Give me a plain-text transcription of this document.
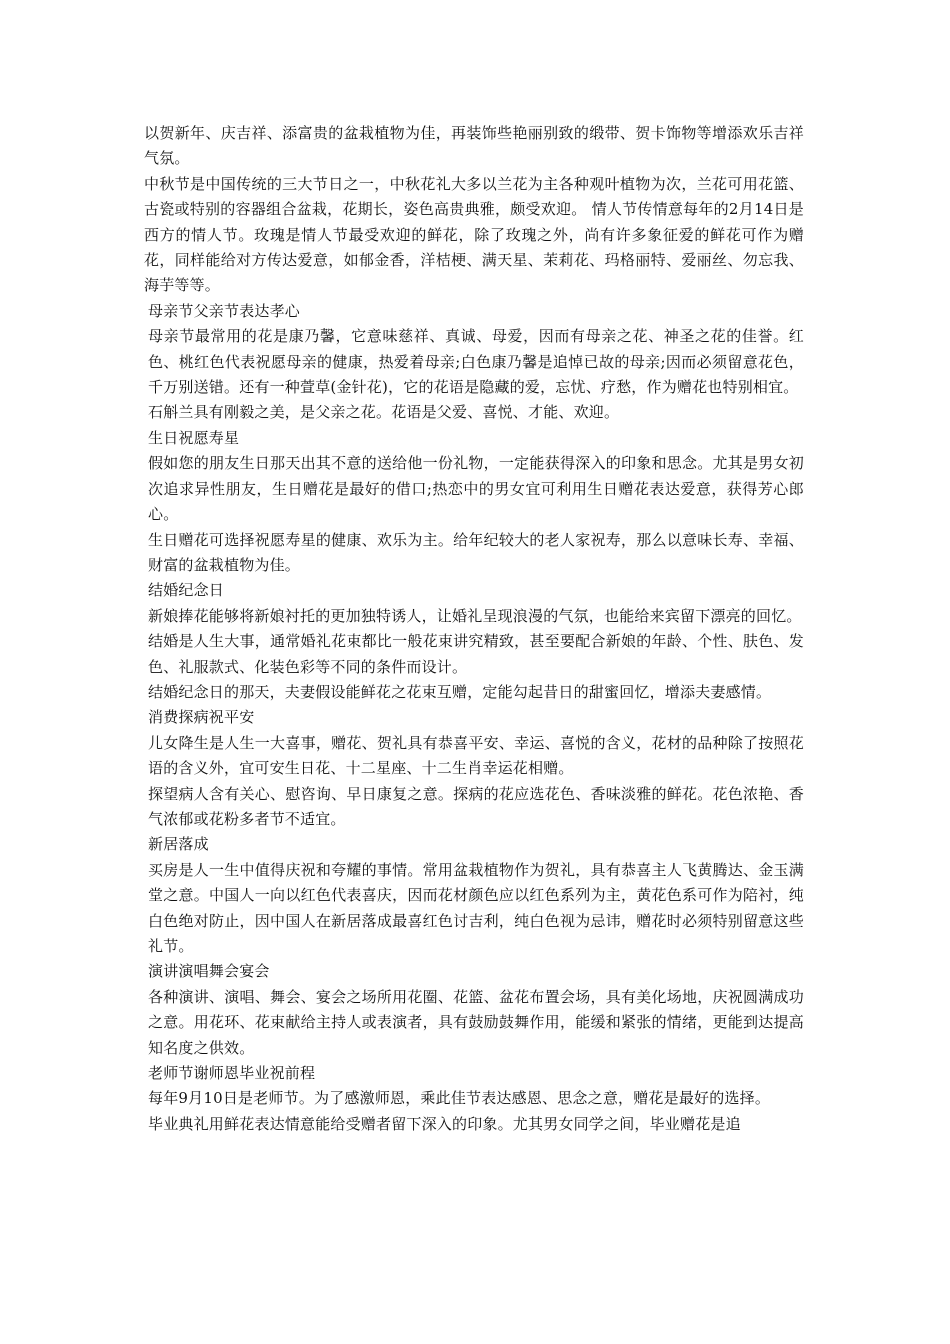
以贺新年、庆吉祥、添富贵的盆栽植物为佳，再装饰些艳丽别致的缎带、贺卡饰物等增添欢乐吉祥气氛。

中秋节是中国传统的三大节日之一，中秋花礼大多以兰花为主各种观叶植物为次，兰花可用花篮、古瓷或特别的容器组合盆栽，花期长，姿色高贵典雅，颇受欢迎。 情人节传情意每年的2月14日是西方的情人节。玫瑰是情人节最受欢迎的鲜花，除了玫瑰之外，尚有许多象征爱的鲜花可作为赠花，同样能给对方传达爱意，如郁金香，洋桔梗、满天星、茉莉花、玛格丽特、爱丽丝、勿忘我、海芋等等。

母亲节父亲节表达孝心

母亲节最常用的花是康乃馨，它意味慈祥、真诚、母爱，因而有母亲之花、神圣之花的佳誉。红色、桃红色代表祝愿母亲的健康，热爱着母亲;白色康乃馨是追悼已故的母亲;因而必须留意花色，千万别送错。还有一种萱草(金针花)，它的花语是隐藏的爱，忘忧、疗愁，作为赠花也特别相宜。

石斛兰具有刚毅之美，是父亲之花。花语是父爱、喜悦、才能、欢迎。

生日祝愿寿星

假如您的朋友生日那天出其不意的送给他一份礼物，一定能获得深入的印象和思念。尤其是男女初次追求异性朋友，生日赠花是最好的借口;热恋中的男女宜可利用生日赠花表达爱意，获得芳心郎心。

生日赠花可选择祝愿寿星的健康、欢乐为主。给年纪较大的老人家祝寿，那么以意味长寿、幸福、财富的盆栽植物为佳。

结婚纪念日

新娘捧花能够将新娘衬托的更加独特诱人，让婚礼呈现浪漫的气氛，也能给来宾留下漂亮的回忆。

结婚是人生大事，通常婚礼花束都比一般花束讲究精致，甚至要配合新娘的年龄、个性、肤色、发色、礼服款式、化装色彩等不同的条件而设计。

结婚纪念日的那天，夫妻假设能鲜花之花束互赠，定能勾起昔日的甜蜜回忆，增添夫妻感情。

消费探病祝平安

儿女降生是人生一大喜事，赠花、贺礼具有恭喜平安、幸运、喜悦的含义，花材的品种除了按照花语的含义外，宜可安生日花、十二星座、十二生肖幸运花相赠。

探望病人含有关心、慰咨询、早日康复之意。探病的花应选花色、香味淡雅的鲜花。花色浓艳、香气浓郁或花粉多者节不适宜。

新居落成

买房是人一生中值得庆祝和夸耀的事情。常用盆栽植物作为贺礼，具有恭喜主人飞黄腾达、金玉满堂之意。中国人一向以红色代表喜庆，因而花材颜色应以红色系列为主，黄花色系可作为陪衬，纯白色绝对防止，因中国人在新居落成最喜红色讨吉利，纯白色视为忌讳，赠花时必须特别留意这些礼节。

演讲演唱舞会宴会

各种演讲、演唱、舞会、宴会之场所用花圈、花篮、盆花布置会场，具有美化场地，庆祝圆满成功之意。用花环、花束献给主持人或表演者，具有鼓励鼓舞作用，能缓和紧张的情绪，更能到达提高知名度之供效。

老师节谢师恩毕业祝前程

每年9月10日是老师节。为了感激师恩，乘此佳节表达感恩、思念之意，赠花是最好的选择。

毕业典礼用鲜花表达情意能给受赠者留下深入的印象。尤其男女同学之间，毕业赠花是追
